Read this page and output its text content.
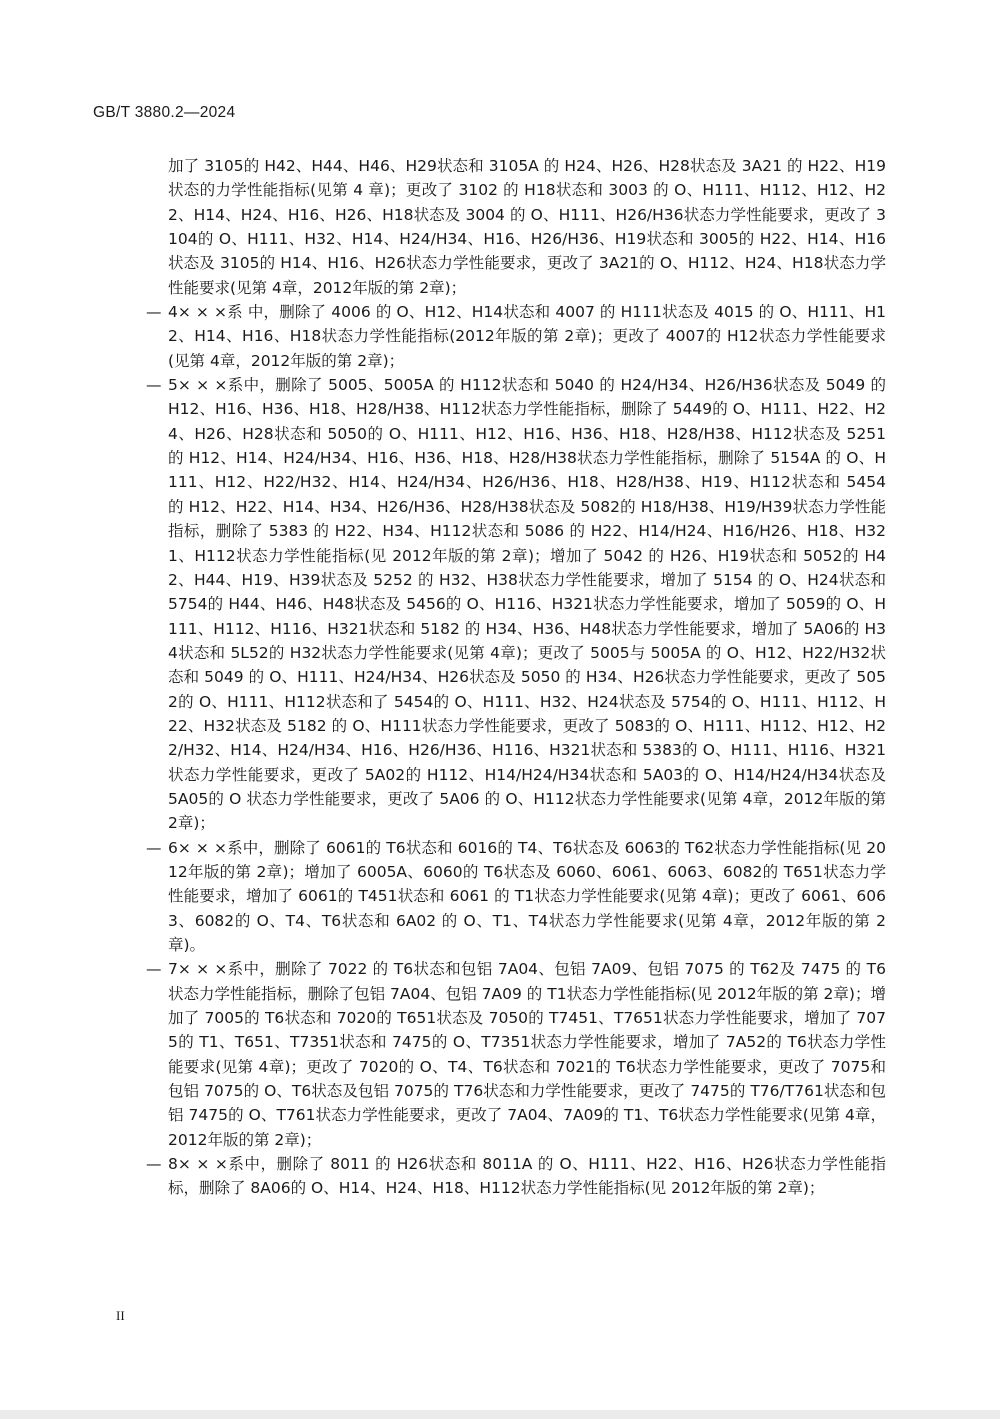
GB/T 3880.2—2024
加了 3105的 H42、H44、H46、H29状态和 3105A 的 H24、H26、H28状态及 3A21 的 H22、H19状态的力学性能指标(见第 4 章)；更改了 3102 的 H18状态和 3003 的 O、H111、H112、H12、H22、H14、H24、H16、H26、H18状态及 3004 的 O、H111、H26/H36状态力学性能要求，更改了 3104的 O、H111、H32、H14、H24/H34、H16、H26/H36、H19状态和 3005的 H22、H14、H16状态及 3105的 H14、H16、H26状态力学性能要求，更改了 3A21的 O、H112、H24、H18状态力学性能要求(见第 4章，2012年版的第 2章)；
— 4× × ×系 中，删除了 4006 的 O、H12、H14状态和 4007 的 H111状态及 4015 的 O、H111、H12、H14、H16、H18状态力学性能指标(2012年版的第 2章)；更改了 4007的 H12状态力学性能要求(见第 4章，2012年版的第 2章)；
— 5× × ×系中，删除了 5005、5005A 的 H112状态和 5040 的 H24/H34、H26/H36状态及 5049 的 H12、H16、H36、H18、H28/H38、H112状态力学性能指标，删除了 5449的 O、H111、H22、H24、H26、H28状态和 5050的 O、H111、H12、H16、H36、H18、H28/H38、H112状态及 5251 的 H12、H14、H24/H34、H16、H36、H18、H28/H38状态力学性能指标，删除了 5154A 的 O、H111、H12、H22/H32、H14、H24/H34、H26/H36、H18、H28/H38、H19、H112状态和 5454 的 H12、H22、H14、H34、H26/H36、H28/H38状态及 5082的 H18/H38、H19/H39状态力学性能指标，删除了 5383 的 H22、H34、H112状态和 5086 的 H22、H14/H24、H16/H26、H18、H321、H112状态力学性能指标(见 2012年版的第 2章)；增加了 5042 的 H26、H19状态和 5052的 H42、H44、H19、H39状态及 5252 的 H32、H38状态力学性能要求，增加了 5154 的 O、H24状态和 5754的 H44、H46、H48状态及 5456的 O、H116、H321状态力学性能要求，增加了 5059的 O、H111、H112、H116、H321状态和 5182 的 H34、H36、H48状态力学性能要求，增加了 5A06的 H34状态和 5L52的 H32状态力学性能要求(见第 4章)；更改了 5005与 5005A 的 O、H12、H22/H32状态和 5049 的 O、H111、H24/H34、H26状态及 5050 的 H34、H26状态力学性能要求，更改了 5052的 O、H111、H112状态和了 5454的 O、H111、H32、H24状态及 5754的 O、H111、H112、H22、H32状态及 5182 的 O、H111状态力学性能要求，更改了 5083的 O、H111、H112、H12、H22/H32、H14、H24/H34、H16、H26/H36、H116、H321状态和 5383的 O、H111、H116、H321状态力学性能要求，更改了 5A02的 H112、H14/H24/H34状态和 5A03的 O、H14/H24/H34状态及 5A05的 O 状态力学性能要求，更改了 5A06 的 O、H112状态力学性能要求(见第 4章，2012年版的第 2章)；
— 6× × ×系中，删除了 6061的 T6状态和 6016的 T4、T6状态及 6063的 T62状态力学性能指标(见 2012年版的第 2章)；增加了 6005A、6060的 T6状态及 6060、6061、6063、6082的 T651状态力学性能要求，增加了 6061的 T451状态和 6061 的 T1状态力学性能要求(见第 4章)；更改了 6061、6063、6082的 O、T4、T6状态和 6A02 的 O、T1、T4状态力学性能要求(见第 4章，2012年版的第 2章)。
— 7× × ×系中，删除了 7022 的 T6状态和包铝 7A04、包铝 7A09、包铝 7075 的 T62及 7475 的 T6状态力学性能指标，删除了包铝 7A04、包铝 7A09 的 T1状态力学性能指标(见 2012年版的第 2章)；增加了 7005的 T6状态和 7020的 T651状态及 7050的 T7451、T7651状态力学性能要求，增加了 7075的 T1、T651、T7351状态和 7475的 O、T7351状态力学性能要求，增加了 7A52的 T6状态力学性能要求(见第 4章)；更改了 7020的 O、T4、T6状态和 7021的 T6状态力学性能要求，更改了 7075和包铝 7075的 O、T6状态及包铝 7075的 T76状态和力学性能要求，更改了 7475的 T76/T761状态和包铝 7475的 O、T761状态力学性能要求，更改了 7A04、7A09的 T1、T6状态力学性能要求(见第 4章，2012年版的第 2章)；
— 8× × ×系中，删除了 8011 的 H26状态和 8011A 的 O、H111、H22、H16、H26状态力学性能指标，删除了 8A06的 O、H14、H24、H18、H112状态力学性能指标(见 2012年版的第 2章)；
II
